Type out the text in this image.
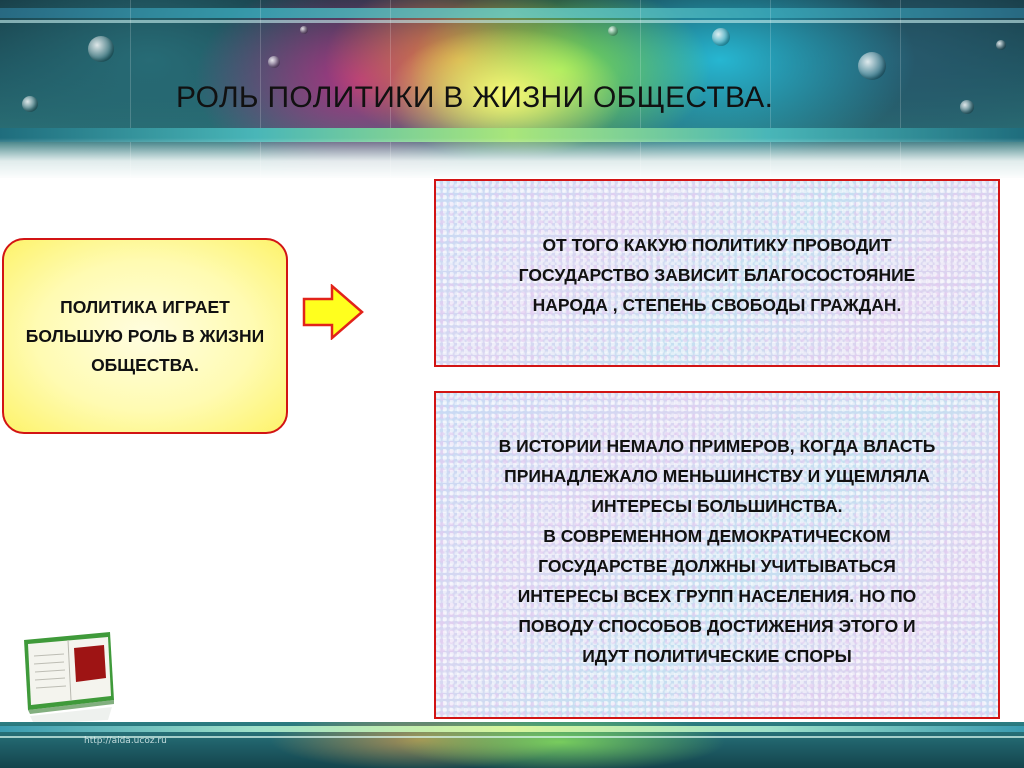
РОЛЬ ПОЛИТИКИ В ЖИЗНИ ОБЩЕСТВА.
ПОЛИТИКА ИГРАЕТ БОЛЬШУЮ РОЛЬ В ЖИЗНИ ОБЩЕСТВА.
ОТ ТОГО КАКУЮ ПОЛИТИКУ ПРОВОДИТ
ГОСУДАРСТВО ЗАВИСИТ БЛАГОСОСТОЯНИЕ
НАРОДА , СТЕПЕНЬ СВОБОДЫ ГРАЖДАН.
В ИСТОРИИ НЕМАЛО ПРИМЕРОВ, КОГДА ВЛАСТЬ
ПРИНАДЛЕЖАЛО МЕНЬШИНСТВУ И УЩЕМЛЯЛА
ИНТЕРЕСЫ БОЛЬШИНСТВА.
В СОВРЕМЕННОМ ДЕМОКРАТИЧЕСКОМ
ГОСУДАРСТВЕ ДОЛЖНЫ УЧИТЫВАТЬСЯ
ИНТЕРЕСЫ ВСЕХ ГРУПП НАСЕЛЕНИЯ. НО ПО
ПОВОДУ СПОСОБОВ ДОСТИЖЕНИЯ ЭТОГО И
ИДУТ ПОЛИТИЧЕСКИЕ СПОРЫ
http://aida.ucoz.ru
